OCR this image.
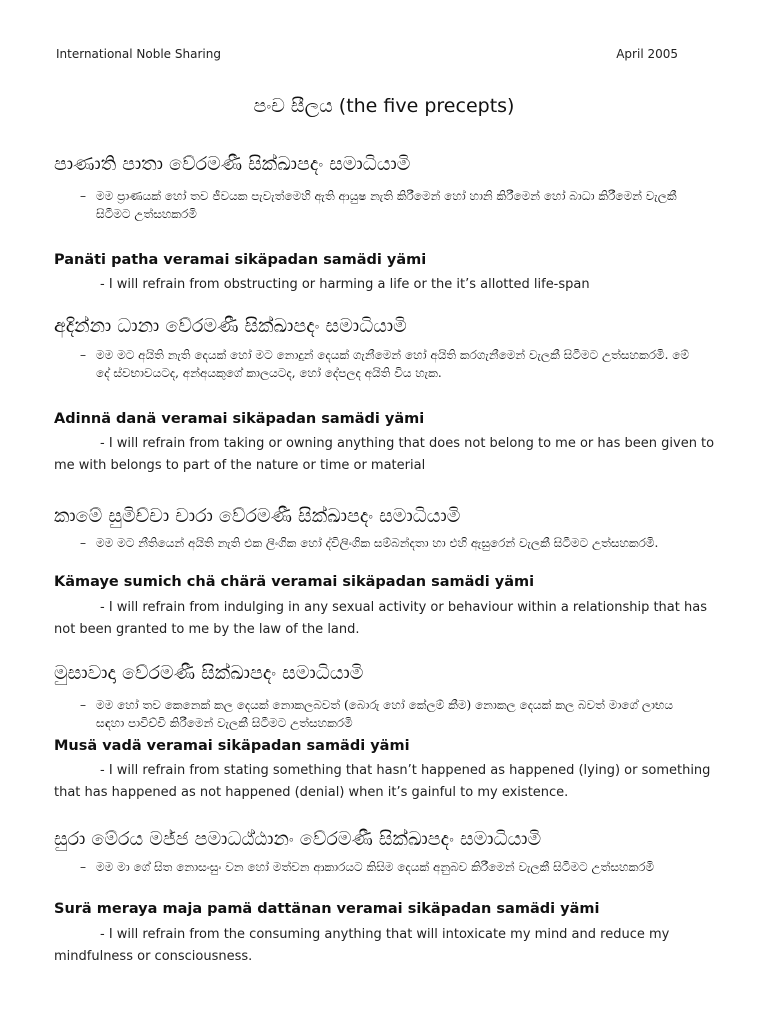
International Noble Sharing	April 2005
පංච සීලය (the five precepts)
පාණාති පාතා වේරමණී සික්ඛාපදං සමාධියාමි
– මම ප්‍රාණයක් හෝ තව ජීවයක පැවැත්මෙහි ඇති ආයුෂ නැති කිරීමෙන් හෝ හානි කිරීමෙන් හෝ බාධා කිරීමෙන් වැලකී සිටීමට උත්සහකරමි
Panäti patha veramai sikäpadan samädi yämi
- I will refrain from obstructing or harming a life or the it’s allotted life-span
අදින්නා ධානා වේරමණී සික්ඛාපදං සමාධියාමි
– මම මට අයිති නැති දෙයක් හෝ මට නොදුන් දෙයක් ගැනීමෙන් හෝ අයිති කරගැනීමෙන් වැලකී සිටීමට උත්සහකරමි. මේ දේ ස්වභාවයටද, අන්අයකුගේ කාලයටද, හෝ දේපලද අයිති විය හැක.
Adinnä danä veramai sikäpadan samädi yämi
- I will refrain from taking or owning anything that does not belong to me or has been given to me with belongs to part of the nature or time or material
කාමේ සුමිච්චා චාරා වේරමණී සික්ඛාපදං සමාධියාමි
– මම මට නීතියෙන් අයිති නැති එක ලිංගික හෝ ද්විලිංගික සම්බන්දතා හා එහි ඇසුරෙන් වැලකී සිටීමට උත්සහකරමි.
Kämaye sumich chä chärä veramai sikäpadan samädi yämi
- I will refrain from indulging in any sexual activity or behaviour within a relationship that has not been granted to me by the law of the land.
මුසාවාදා වේරමණී සික්ඛාපදං සමාධියාමි
– මම හෝ තව කෙනෙක් කල දෙයක් නොකලබවත් (බොරු හෝ කේලම් කීම) නොකල දෙයක් කල බවත් මාගේ ලාභය සඳහා පාවිච්චි කිරීමෙන් වැලකී සිටීමට උත්සහකරමි
Musä vadä veramai sikäpadan samädi yämi
- I will refrain from stating something that hasn’t happened as happened (lying) or something that has happened as not happened (denial) when it’s gainful to my existence.
සුරා මේරය මජ්ජ පමාධඨ්ඨානං වේරමණී සික්ඛාපදං සමාධියාමි
– මම මා ගේ සිත නොසංසුං වන හෝ මත්වන ආකාරයට කිසිම දෙයක් අනුබව කිරීමෙන් වැලකී සිටීමට උත්සහකරමි
Surä meraya maja pamä dattänan veramai sikäpadan samädi yämi
- I will refrain from the consuming anything that will intoxicate my mind and reduce my mindfulness or consciousness.
